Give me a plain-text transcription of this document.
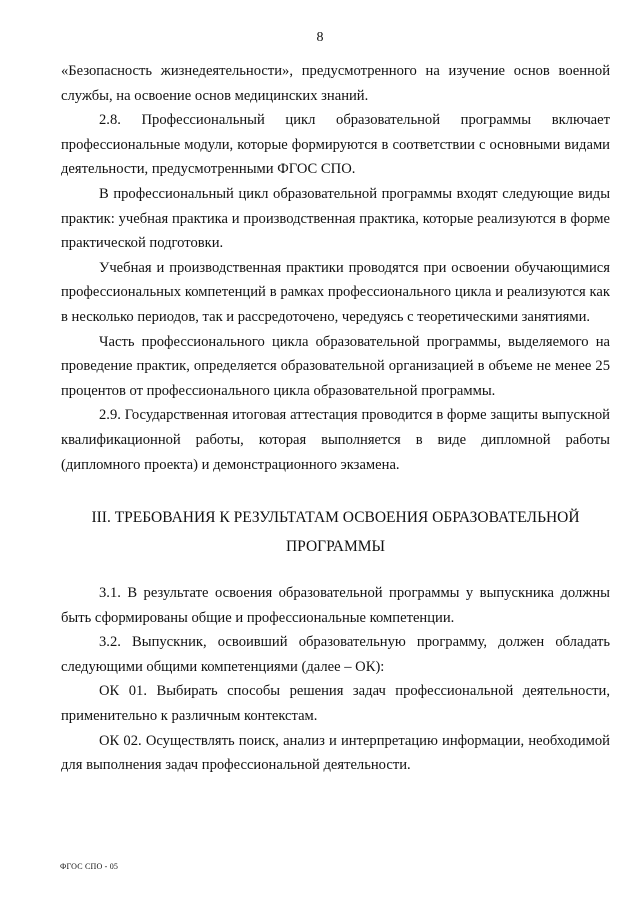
8

«Безопасность жизнедеятельности», предусмотренного на изучение основ военной службы, на освоение основ медицинских знаний.

2.8. Профессиональный цикл образовательной программы включает профессиональные модули, которые формируются в соответствии с основными видами деятельности, предусмотренными ФГОС СПО.

В профессиональный цикл образовательной программы входят следующие виды практик: учебная практика и производственная практика, которые реализуются в форме практической подготовки.

Учебная и производственная практики проводятся при освоении обучающимися профессиональных компетенций в рамках профессионального цикла и реализуются как в несколько периодов, так и рассредоточено, чередуясь с теоретическими занятиями.

Часть профессионального цикла образовательной программы, выделяемого на проведение практик, определяется образовательной организацией в объеме не менее 25 процентов от профессионального цикла образовательной программы.

2.9. Государственная итоговая аттестация проводится в форме защиты выпускной квалификационной работы, которая выполняется в виде дипломной работы (дипломного проекта) и демонстрационного экзамена.

III. ТРЕБОВАНИЯ К РЕЗУЛЬТАТАМ ОСВОЕНИЯ ОБРАЗОВАТЕЛЬНОЙ ПРОГРАММЫ

3.1. В результате освоения образовательной программы у выпускника должны быть сформированы общие и профессиональные компетенции.

3.2. Выпускник, освоивший образовательную программу, должен обладать следующими общими компетенциями (далее – ОК):

ОК 01. Выбирать способы решения задач профессиональной деятельности, применительно к различным контекстам.

ОК 02. Осуществлять поиск, анализ и интерпретацию информации, необходимой для выполнения задач профессиональной деятельности.

ФГОС СПО - 05
